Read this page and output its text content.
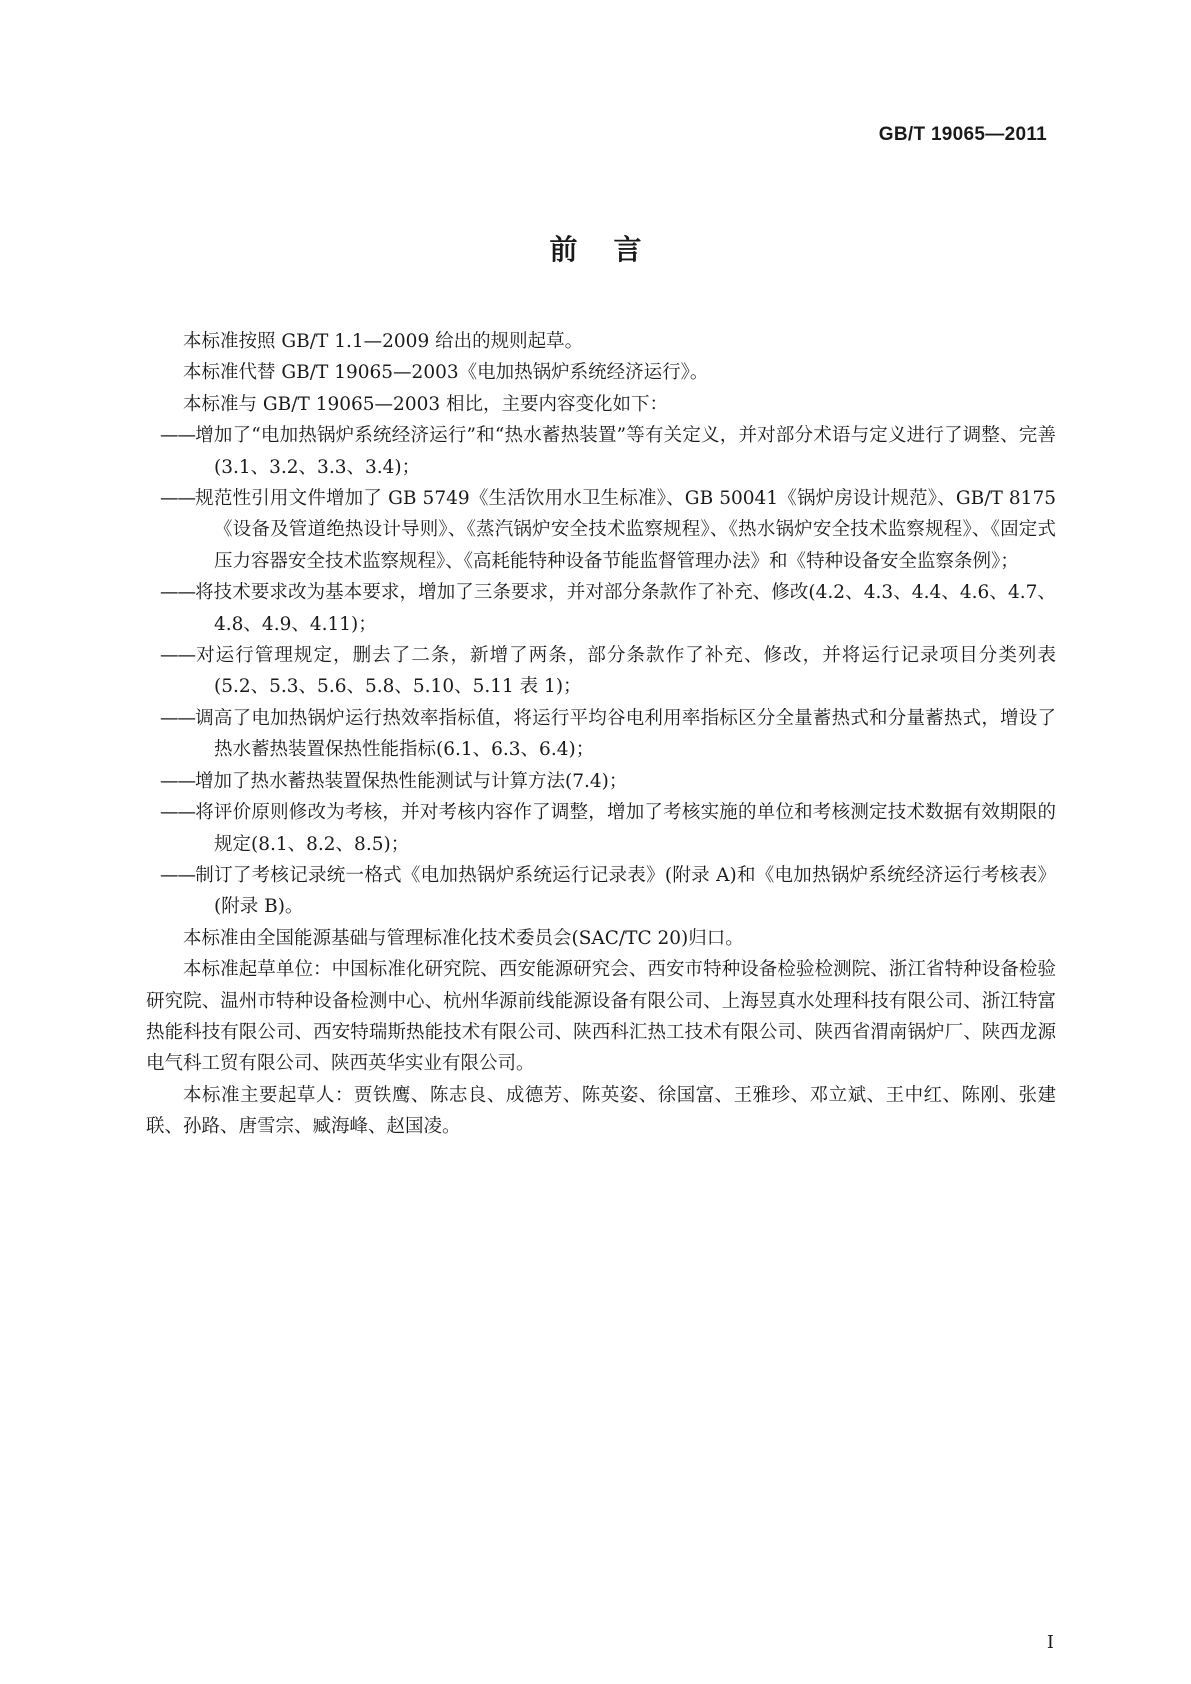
GB/T 19065—2011
前言

本标准按照 GB/T 1.1—2009 给出的规则起草。

本标准代替 GB/T 19065—2003《电加热锅炉系统经济运行》。

本标准与 GB/T 19065—2003 相比，主要内容变化如下：

——增加了“电加热锅炉系统经济运行”和“热水蓄热装置”等有关定义，并对部分术语与定义进行了调整、完善(3.1、3.2、3.3、3.4)；
——规范性引用文件增加了 GB 5749《生活饮用水卫生标准》、GB 50041《锅炉房设计规范》、GB/T 8175《设备及管道绝热设计导则》、《蒸汽锅炉安全技术监察规程》、《热水锅炉安全技术监察规程》、《固定式压力容器安全技术监察规程》、《高耗能特种设备节能监督管理办法》和《特种设备安全监察条例》；
——将技术要求改为基本要求，增加了三条要求，并对部分条款作了补充、修改(4.2、4.3、4.4、4.6、4.7、4.8、4.9、4.11)；
——对运行管理规定，删去了二条，新增了两条，部分条款作了补充、修改，并将运行记录项目分类列表(5.2、5.3、5.6、5.8、5.10、5.11 表 1)；
——调高了电加热锅炉运行热效率指标值，将运行平均谷电利用率指标区分全量蓄热式和分量蓄热式，增设了热水蓄热装置保热性能指标(6.1、6.3、6.4)；
——增加了热水蓄热装置保热性能测试与计算方法(7.4)；
——将评价原则修改为考核，并对考核内容作了调整，增加了考核实施的单位和考核测定技术数据有效期限的规定(8.1、8.2、8.5)；
——制订了考核记录统一格式《电加热锅炉系统运行记录表》(附录 A)和《电加热锅炉系统经济运行考核表》(附录 B)。

本标准由全国能源基础与管理标准化技术委员会(SAC/TC 20)归口。

本标准起草单位：中国标准化研究院、西安能源研究会、西安市特种设备检验检测院、浙江省特种设备检验研究院、温州市特种设备检测中心、杭州华源前线能源设备有限公司、上海昱真水处理科技有限公司、浙江特富热能科技有限公司、西安特瑞斯热能技术有限公司、陕西科汇热工技术有限公司、陕西省渭南锅炉厂、陕西龙源电气科工贸有限公司、陕西英华实业有限公司。

本标准主要起草人：贾铁鹰、陈志良、成德芳、陈英姿、徐国富、王雅珍、邓立斌、王中红、陈刚、张建联、孙路、唐雪宗、臧海峰、赵国凌。

I
